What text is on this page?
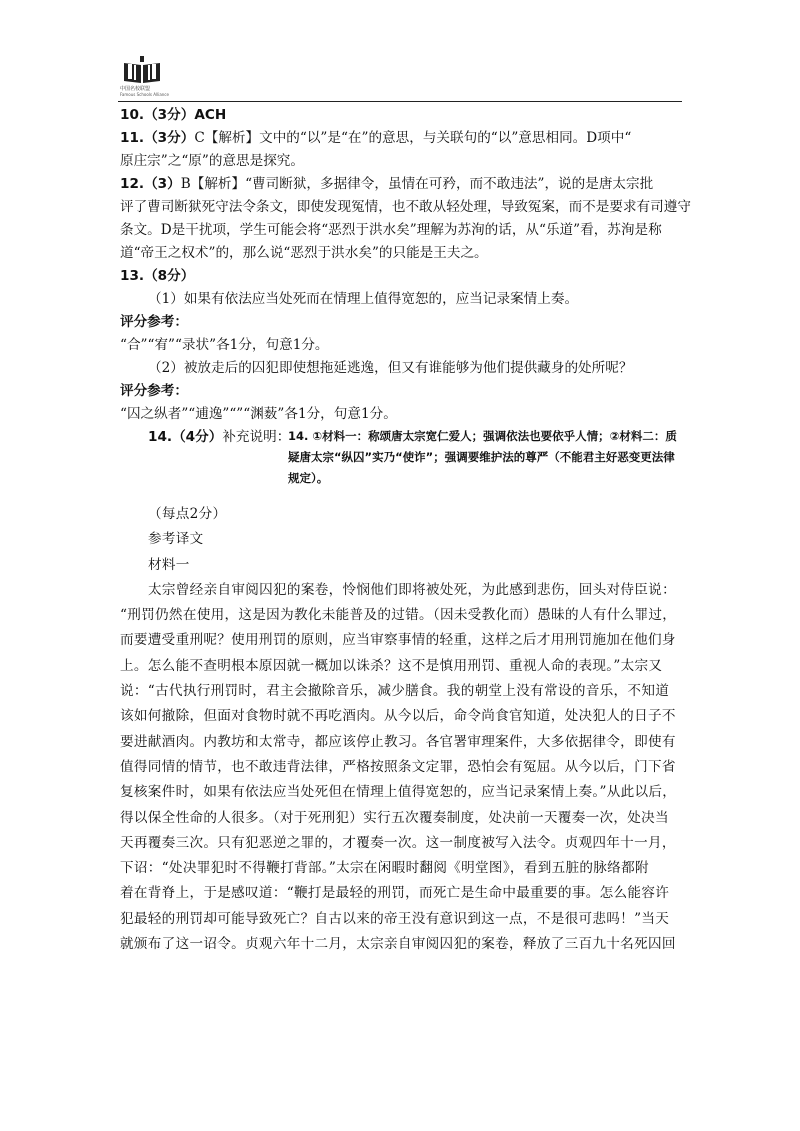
中国名校联盟
Famous Schools Alliance
10.（3分）ACH
11.（3分）C【解析】文中的“以”是“在”的意思，与关联句的“以”意思相同。D项中“
原庄宗”之“原”的意思是探究。
12.（3）B【解析】“曹司断狱，多据律令，虽情在可矜，而不敢违法”，说的是唐太宗批
评了曹司断狱死守法令条文，即使发现冤情，也不敢从轻处理，导致冤案，而不是要求有司遵守
条文。D是干扰项，学生可能会将“恶烈于洪水矣”理解为苏洵的话，从“乐道”看，苏洵是称
道“帝王之权术”的，那么说“恶烈于洪水矣”的只能是王夫之。
13.（8分）
（1）如果有依法应当处死而在情理上值得宽恕的，应当记录案情上奏。
评分参考：
“合”“宥”“录状”各1分，句意1分。
（2）被放走后的囚犯即使想拖延逃逸，但又有谁能够为他们提供藏身的处所呢？
评分参考：
“囚之纵者”“逋逸”“”“渊薮”各1分，句意1分。
14.（4分）补充说明：
14. ①材料一：称颂唐太宗宽仁爱人；强调依法也要依乎人情；②材料二：质疑唐太宗“纵囚”实乃“使诈”；强调要维护法的尊严（不能君主好恶变更法律规定）。
（每点2分）
参考译文
材料一
太宗曾经亲自审阅囚犯的案卷，怜悯他们即将被处死，为此感到悲伤，回头对侍臣说：
“刑罚仍然在使用，这是因为教化未能普及的过错。（因未受教化而）愚昧的人有什么罪过，
而要遭受重刑呢？使用刑罚的原则，应当审察事情的轻重，这样之后才用刑罚施加在他们身
上。怎么能不查明根本原因就一概加以诛杀？这不是慎用刑罚、重视人命的表现。”太宗又
说：“古代执行刑罚时，君主会撤除音乐，减少膳食。我的朝堂上没有常设的音乐，不知道
该如何撤除，但面对食物时就不再吃酒肉。从今以后，命令尚食官知道，处决犯人的日子不
要进献酒肉。内教坊和太常寺，都应该停止教习。各官署审理案件，大多依据律令，即使有
值得同情的情节，也不敢违背法律，严格按照条文定罪，恐怕会有冤屈。从今以后，门下省
复核案件时，如果有依法应当处死但在情理上值得宽恕的，应当记录案情上奏。”从此以后，
得以保全性命的人很多。（对于死刑犯）实行五次覆奏制度，处决前一天覆奏一次，处决当
天再覆奏三次。只有犯恶逆之罪的，才覆奏一次。这一制度被写入法令。贞观四年十一月，
下诏：“处决罪犯时不得鞭打背部。”太宗在闲暇时翻阅《明堂图》，看到五脏的脉络都附
着在背脊上，于是感叹道：“鞭打是最轻的刑罚，而死亡是生命中最重要的事。怎么能容许
犯最轻的刑罚却可能导致死亡？自古以来的帝王没有意识到这一点，不是很可悲吗！”当天
就颁布了这一诏令。贞观六年十二月，太宗亲自审阅囚犯的案卷，释放了三百九十名死囚回
